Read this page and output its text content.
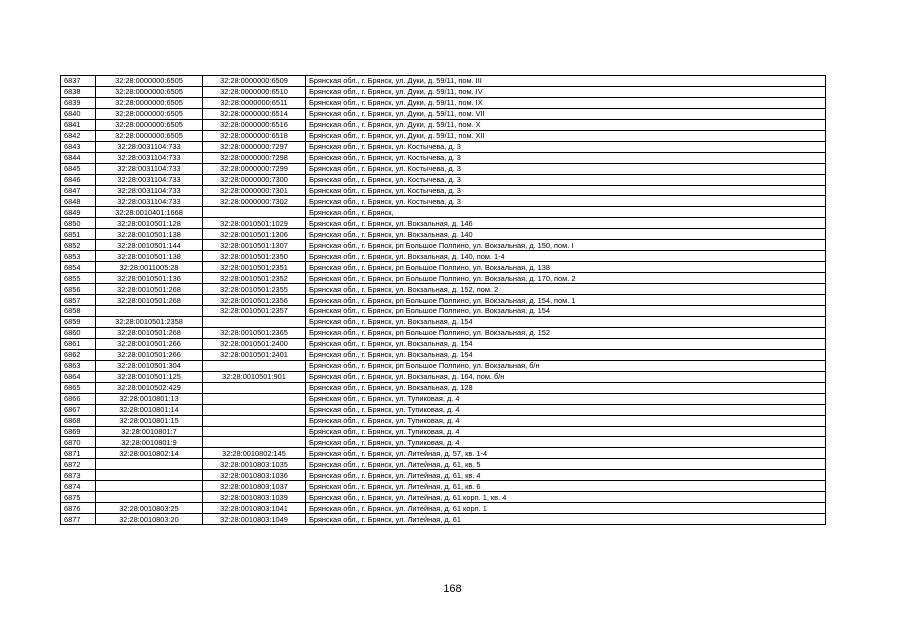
6837	32:28:0000000:6505	32:28:0000000:6509	Брянская обл., г. Брянск, ул. Дуки, д. 59/11, пом. III
6838	32:28:0000000:6505	32:28:0000000:6510	Брянская обл., г. Брянск, ул. Дуки, д. 59/11, пом. IV
6839	32:28:0000000:6505	32:28:0000000:6511	Брянская обл., г. Брянск, ул. Дуки, д. 59/11, пом. IX
6840	32:28:0000000:6505	32:28:0000000:6514	Брянская обл., г. Брянск, ул. Дуки, д. 59/11, пом. VII
6841	32:28:0000000:6505	32:28:0000000:6516	Брянская обл., г. Брянск, ул. Дуки, д. 59/11, пом. X
6842	32:28:0000000:6505	32:28:0000000:6518	Брянская обл., г. Брянск, ул. Дуки, д. 59/11, пом. XII
6843	32:28:0031104:733	32:28:0000000:7297	Брянская обл., г. Брянск, ул. Костычева, д. 3
6844	32:28:0031104:733	32:28:0000000:7298	Брянская обл., г. Брянск, ул. Костычева, д. 3
6845	32:28:0031104:733	32:28:0000000:7299	Брянская обл., г. Брянск, ул. Костычева, д. 3
6846	32:28:0031104:733	32:28:0000000:7300	Брянская обл., г. Брянск, ул. Костычева, д. 3
6847	32:28:0031104:733	32:28:0000000:7301	Брянская обл., г. Брянск, ул. Костычева, д. 3
6848	32:28:0031104:733	32:28:0000000:7302	Брянская обл., г. Брянск, ул. Костычева, д. 3
6849	32:28:0010401:1668		Брянская обл., г. Брянск,
6850	32:28:0010501:128	32:28:0010501:1029	Брянская обл., г. Брянск, ул. Вокзальная, д. 146
6851	32:28:0010501:138	32:28:0010501:1306	Брянская обл., г. Брянск, ул. Вокзальная, д. 140
6852	32:28:0010501:144	32:28:0010501:1307	Брянская обл., г. Брянск, рп Большое Полпино, ул. Вокзальная, д. 150, пом. I
6853	32:28:0010501:138	32:28:0010501:2350	Брянская обл., г. Брянск, ул. Вокзальная, д. 140, пом. 1-4
6854	32:28:0011005:28	32:28:0010501:2351	Брянская обл., г. Брянск, рп Большое Полпино, ул. Вокзальная, д. 138
6855	32:28:0010501:136	32:28:0010501:2352	Брянская обл., г. Брянск, рп Большое Полпино, ул. Вокзальная, д. 170, пом. 2
6856	32:28:0010501:268	32:28:0010501:2355	Брянская обл., г. Брянск, ул. Вокзальная, д. 152, пом. 2
6857	32:28:0010501:268	32:28:0010501:2356	Брянская обл., г. Брянск, рп Большое Полпино, ул. Вокзальная, д. 154, пом. 1
6858		32:28:0010501:2357	Брянская обл., г. Брянск, рп Большое Полпино, ул. Вокзальная, д. 154
6859	32:28:0010501:2358		Брянская обл., г. Брянск, ул. Вокзальная, д. 154
6860	32:28:0010501:268	32:28:0010501:2365	Брянская обл., г. Брянск, рп Большое Полпино, ул. Вокзальная, д. 152
6861	32:28:0010501:266	32:28:0010501:2400	Брянская обл., г. Брянск, ул. Вокзальная, д. 154
6862	32:28:0010501:266	32:28:0010501:2401	Брянская обл., г. Брянск, ул. Вокзальная, д. 154
6863	32:28:0010501:304		Брянская обл., г. Брянск, рп Большое Полпино, ул. Вокзальная, б/н
6864	32:28:0010501:125	32:28:0010501:901	Брянская обл., г. Брянск, ул. Вокзальная, д. 164, пом. б/н
6865	32:28:0010502:429		Брянская обл., г. Брянск, ул. Вокзальная, д. 128
6866	32:28:0010801:13		Брянская обл., г. Брянск, ул. Тупиковая, д. 4
6867	32:28:0010801:14		Брянская обл., г. Брянск, ул. Тупиковая, д. 4
6868	32:28:0010801:15		Брянская обл., г. Брянск, ул. Тупиковая, д. 4
6869	32:28:0010801:7		Брянская обл., г. Брянск, ул. Тупиковая, д. 4
6870	32:28:0010801:9		Брянская обл., г. Брянск, ул. Тупиковая, д. 4
6871	32:28:0010802:14	32:28:0010802:145	Брянская обл., г. Брянск, ул. Литейная, д. 57, кв. 1-4
6872		32:28:0010803:1035	Брянская обл., г. Брянск, ул. Литейная, д. 61, кв. 5
6873		32:28:0010803:1036	Брянская обл., г. Брянск, ул. Литейная, д. 61, кв. 4
6874		32:28:0010803:1037	Брянская обл., г. Брянск, ул. Литейная, д. 61, кв. 6
6875		32:28:0010803:1039	Брянская обл., г. Брянск, ул. Литейная, д. 61 корп. 1, кв. 4
6876	32:28:0010803:25	32:28:0010803:1041	Брянская обл., г. Брянск, ул. Литейная, д. 61 корп. 1
6877	32:28:0010803:20	32:28:0010803:1049	Брянская обл., г. Брянск, ул. Литейная, д. 61
168
